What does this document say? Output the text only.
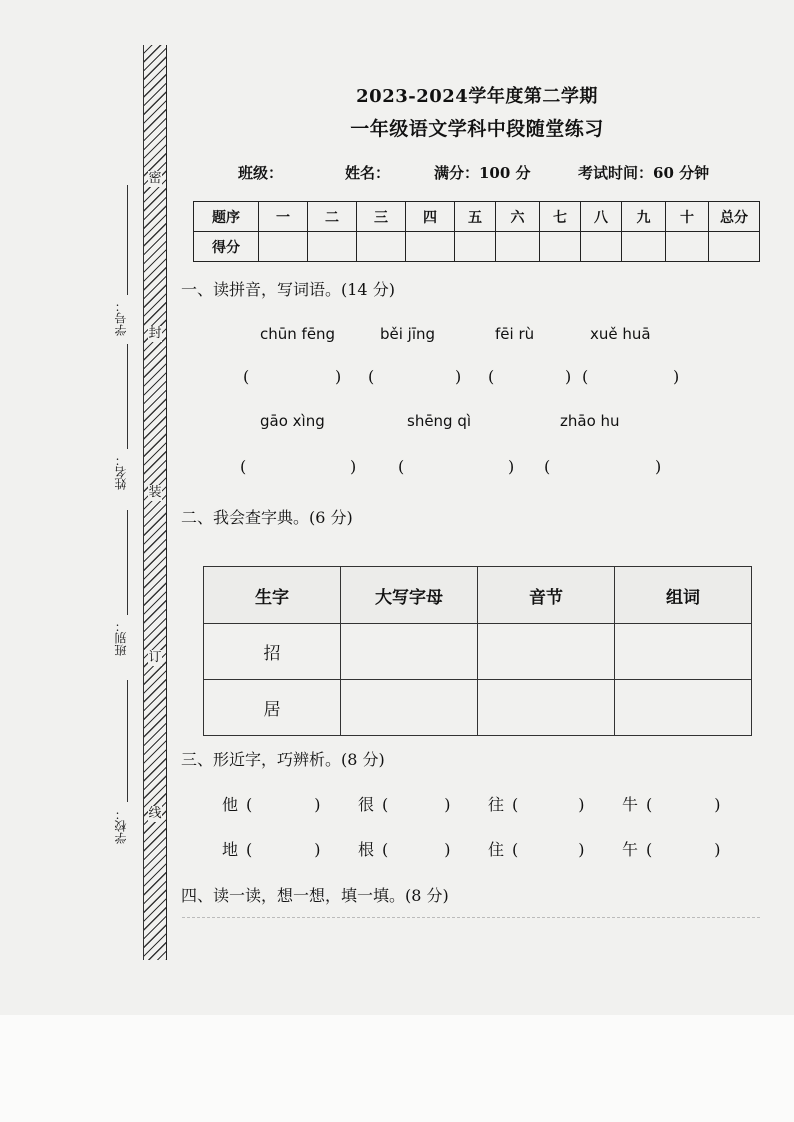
密
封
装
订
线
学号：
姓名：
班别：
学校：
2023-2024学年度第二学期
一年级语文学科中段随堂练习
班级：	姓名：	满分：100 分	考试时间：60 分钟
题序	一	二	三	四	五	六	七	八	九	十	总分
得分											
一、读拼音，写词语。(14 分)
chūn fēng	běi jīng	fēi rù	xuě huā
(	) (	) (	) (	)
gāo xìng	shēng qì	zhāo hu
(	)	(	) (	)
二、我会查字典。(6 分)
生字	大写字母	音节	组词
招			
居			
三、形近字，巧辨析。(8 分)
他 (	) 很 (	) 往 (	) 牛 (	)
地 (	) 根 (	) 住 (	) 午 (	)
四、读一读，想一想，填一填。(8 分)
